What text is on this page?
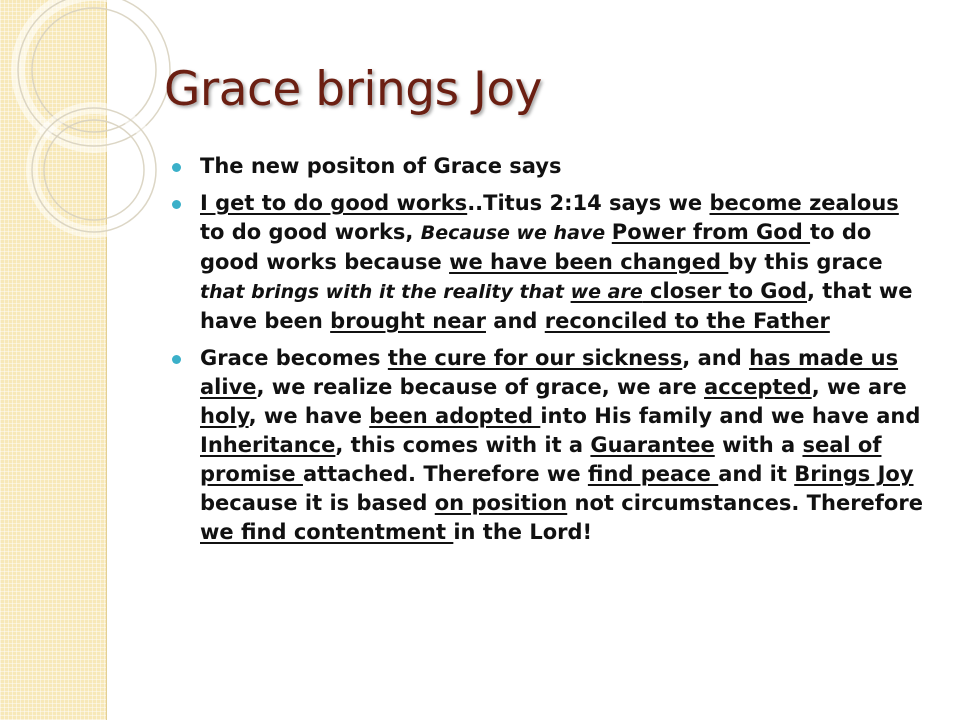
Grace brings Joy
The new positon of Grace says
I get to do good works..Titus 2:14 says we become zealous to do good works, Because we have Power from God to do good works because we have been changed by this grace that brings with it the reality that we are closer to God, that we have been brought near and reconciled to the Father
Grace becomes the cure for our sickness, and has made us alive, we realize because of grace, we are accepted, we are holy, we have been adopted into His family and we have and Inheritance, this comes with it a Guarantee with a seal of promise attached. Therefore we find peace and it Brings Joy because it is based on position not circumstances. Therefore we find contentment in the Lord!
